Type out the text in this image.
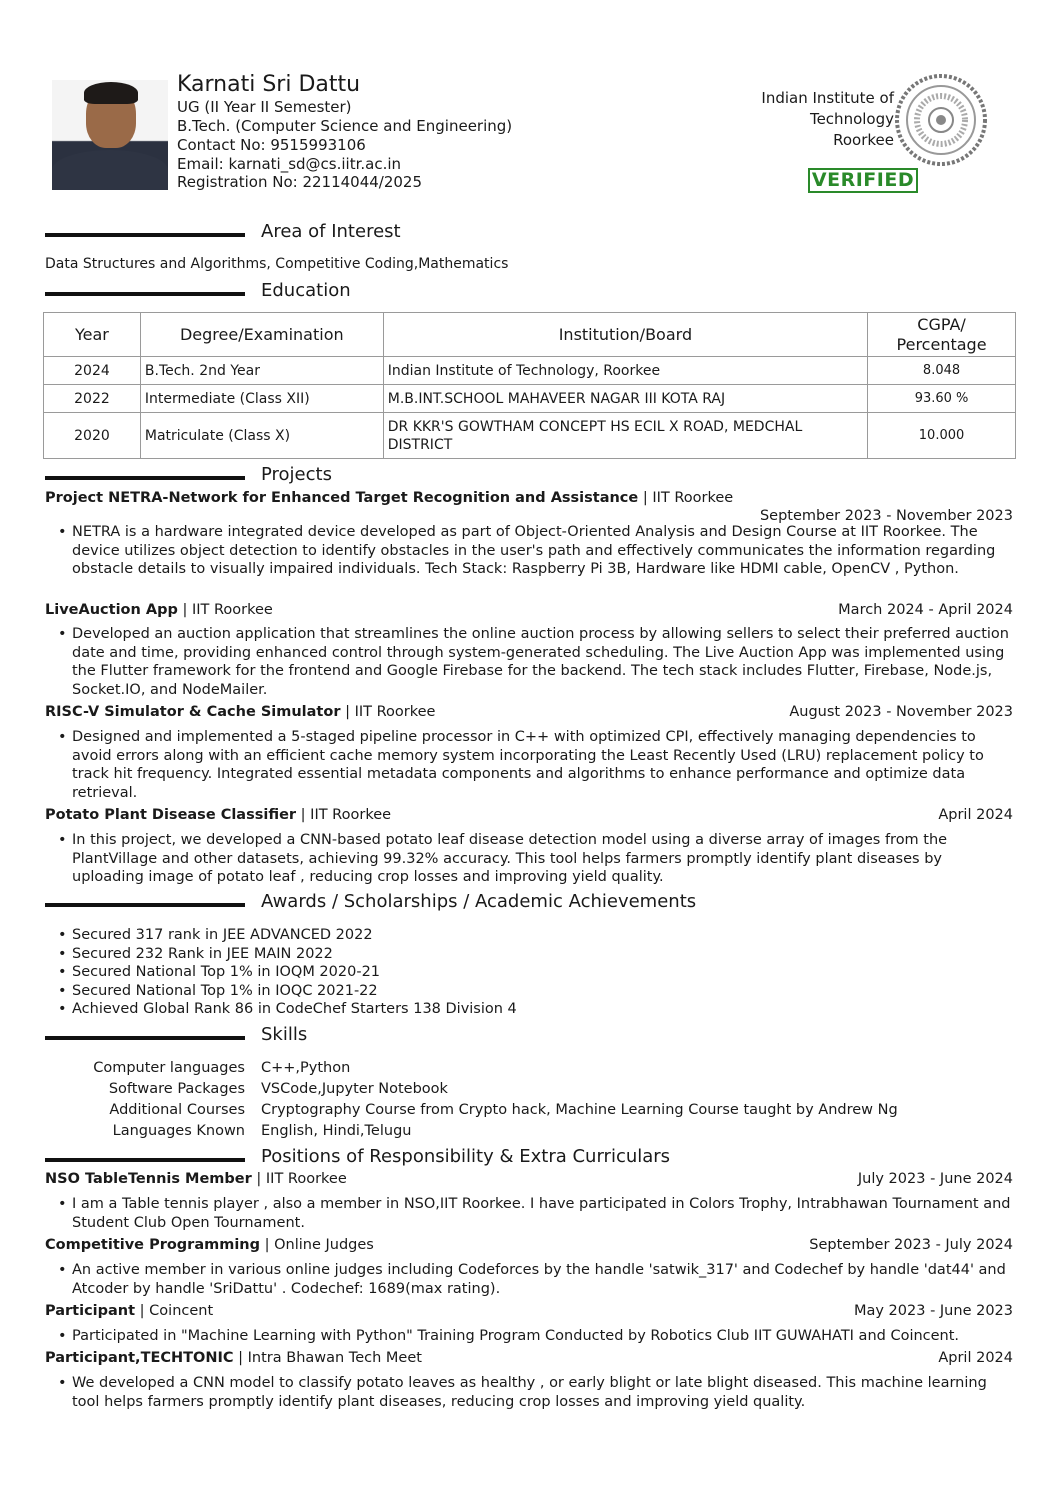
Karnati Sri Dattu
UG (II Year II Semester)
B.Tech. (Computer Science and Engineering)
Contact No: 9515993106
Email: karnati_sd@cs.iitr.ac.in
Registration No: 22114044/2025
Indian Institute of
Technology
Roorkee
VERIFIED
Area of Interest
Data Structures and Algorithms, Competitive Coding,Mathematics
Education
Year	Degree/Examination	Institution/Board	CGPA/
Percentage
2024	B.Tech. 2nd Year	Indian Institute of Technology, Roorkee	8.048
2022	Intermediate (Class XII)	M.B.INT.SCHOOL MAHAVEER NAGAR III KOTA RAJ	93.60 %
2020	Matriculate (Class X)	DR KKR'S GOWTHAM CONCEPT HS ECIL X ROAD, MEDCHAL
DISTRICT	10.000
Projects
Project NETRA-Network for Enhanced Target Recognition and Assistance | IIT Roorkee
September 2023 - November 2023
• NETRA is a hardware integrated device developed as part of Object-Oriented Analysis and Design Course at IIT Roorkee. The device utilizes object detection to identify obstacles in the user's path and effectively communicates the information regarding obstacle details to visually impaired individuals. Tech Stack: Raspberry Pi 3B, Hardware like HDMI cable, OpenCV , Python.
LiveAuction App | IIT Roorkee	March 2024 - April 2024
• Developed an auction application that streamlines the online auction process by allowing sellers to select their preferred auction date and time, providing enhanced control through system-generated scheduling. The Live Auction App was implemented using the Flutter framework for the frontend and Google Firebase for the backend. The tech stack includes Flutter, Firebase, Node.js, Socket.IO, and NodeMailer.
RISC-V Simulator & Cache Simulator | IIT Roorkee	August 2023 - November 2023
• Designed and implemented a 5-staged pipeline processor in C++ with optimized CPI, effectively managing dependencies to avoid errors along with an efficient cache memory system incorporating the Least Recently Used (LRU) replacement policy to track hit frequency. Integrated essential metadata components and algorithms to enhance performance and optimize data retrieval.
Potato Plant Disease Classifier | IIT Roorkee	April 2024
• In this project, we developed a CNN-based potato leaf disease detection model using a diverse array of images from the PlantVillage and other datasets, achieving 99.32% accuracy. This tool helps farmers promptly identify plant diseases by uploading image of potato leaf , reducing crop losses and improving yield quality.
Awards / Scholarships / Academic Achievements
• Secured 317 rank in JEE ADVANCED 2022
• Secured 232 Rank in JEE MAIN 2022
• Secured National Top 1% in IOQM 2020-21
• Secured National Top 1% in IOQC 2021-22
• Achieved Global Rank 86 in CodeChef Starters 138 Division 4
Skills
Computer languages C++,Python
Software Packages VSCode,Jupyter Notebook
Additional Courses Cryptography Course from Crypto hack, Machine Learning Course taught by Andrew Ng
Languages Known English, Hindi,Telugu
Positions of Responsibility & Extra Curriculars
NSO TableTennis Member | IIT Roorkee	July 2023 - June 2024
• I am a Table tennis player , also a member in NSO,IIT Roorkee. I have participated in Colors Trophy, Intrabhawan Tournament and Student Club Open Tournament.
Competitive Programming | Online Judges	September 2023 - July 2024
• An active member in various online judges including Codeforces by the handle 'satwik_317' and Codechef by handle 'dat44' and Atcoder by handle 'SriDattu' . Codechef: 1689(max rating).
Participant | Coincent	May 2023 - June 2023
• Participated in "Machine Learning with Python" Training Program Conducted by Robotics Club IIT GUWAHATI and Coincent.
Participant,TECHTONIC | Intra Bhawan Tech Meet	April 2024
• We developed a CNN model to classify potato leaves as healthy , or early blight or late blight diseased. This machine learning tool helps farmers promptly identify plant diseases, reducing crop losses and improving yield quality.
